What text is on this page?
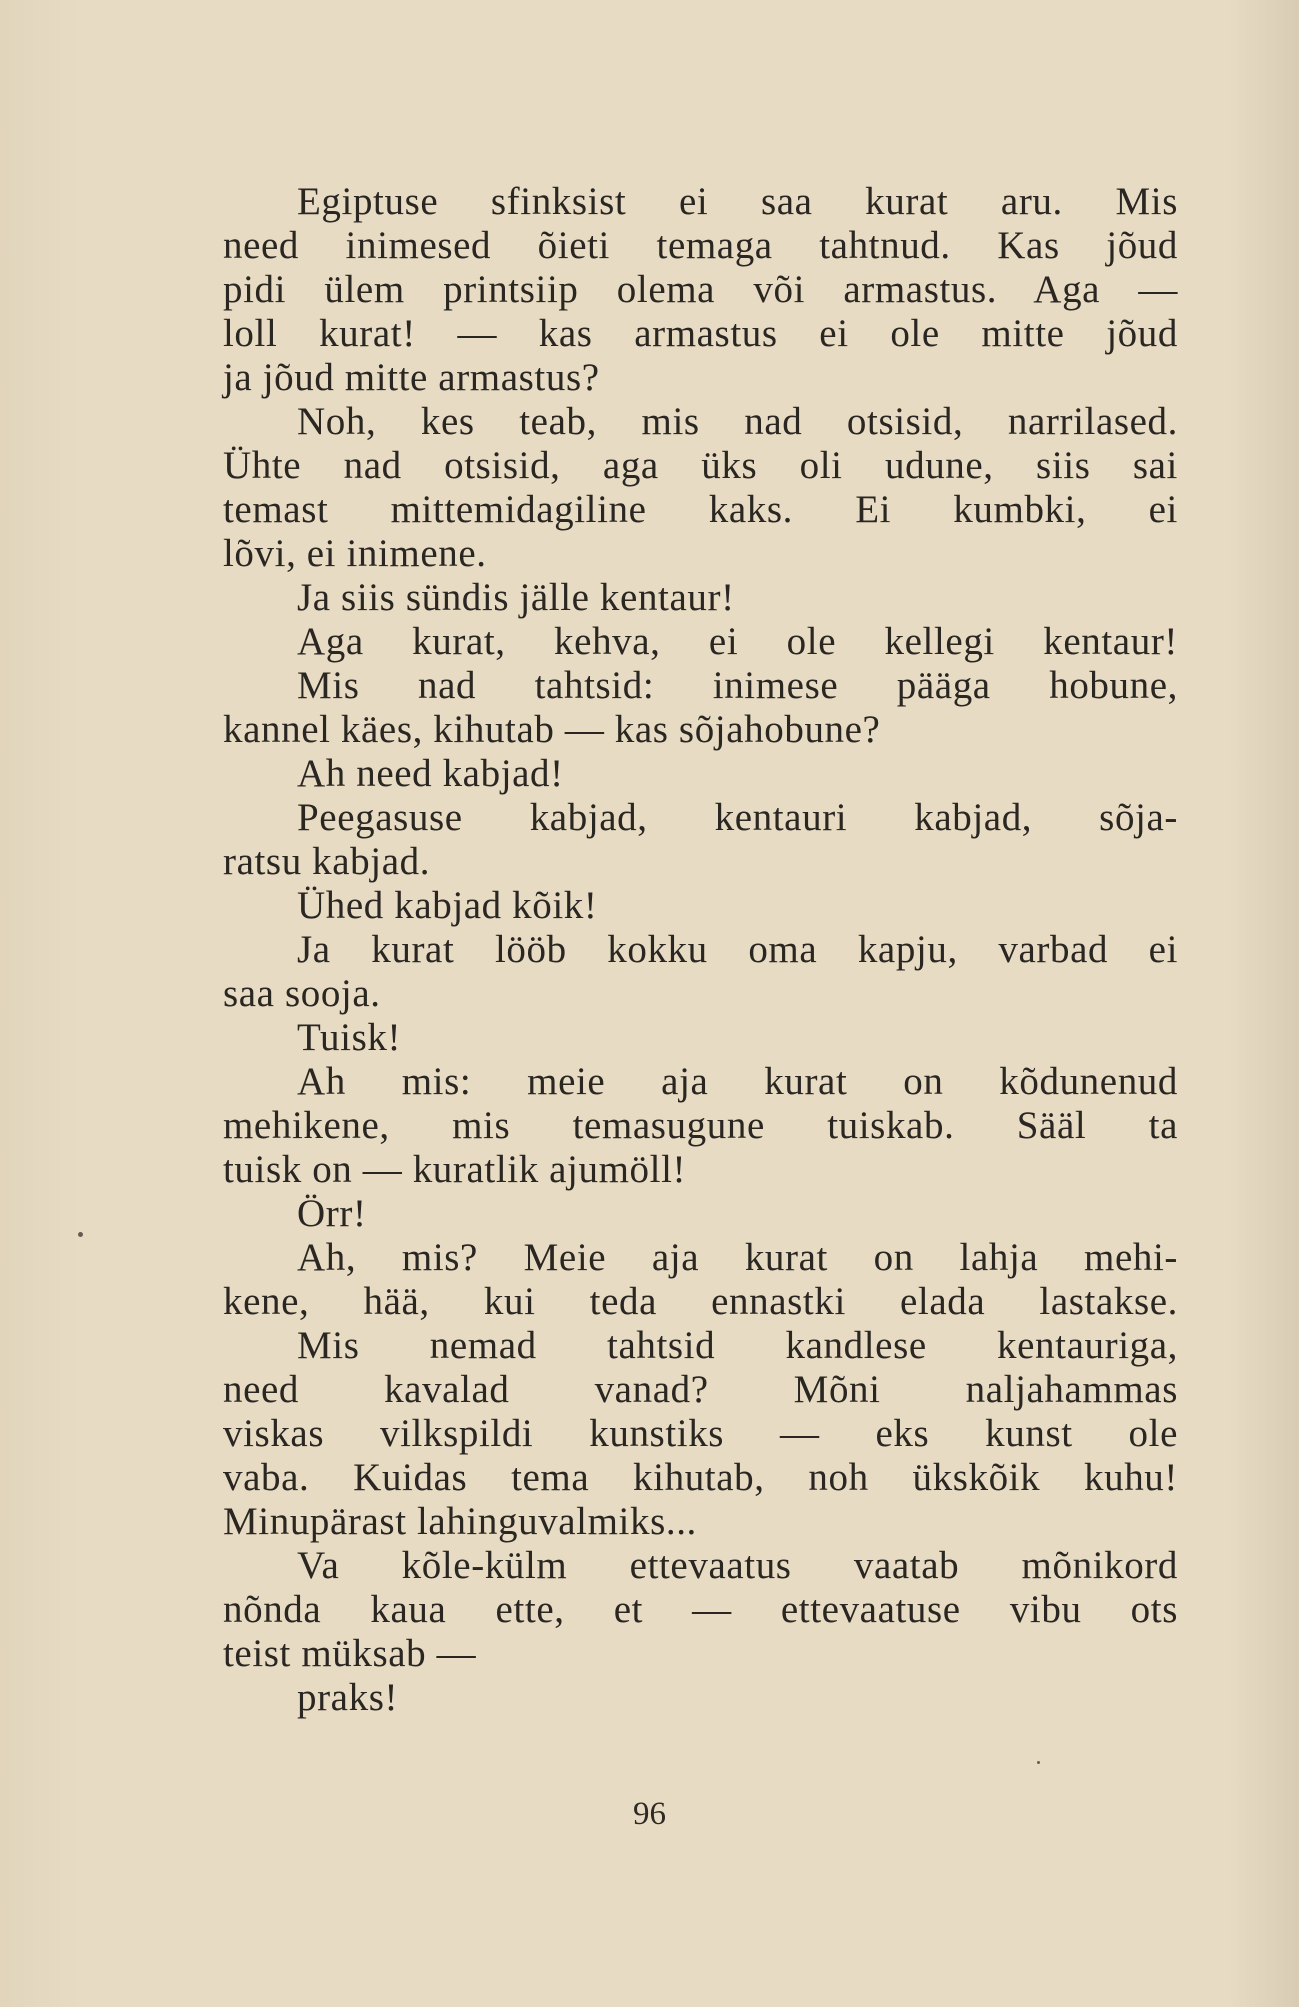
Egiptuse sfinksist ei saa kurat aru. Mis
need inimesed õieti temaga tahtnud. Kas jõud
pidi ülem printsiip olema või armastus. Aga —
loll kurat! — kas armastus ei ole mitte jõud
ja jõud mitte armastus?
Noh, kes teab, mis nad otsisid, narrilased.
Ühte nad otsisid, aga üks oli udune, siis sai
temast mittemidagiline kaks. Ei kumbki, ei
lõvi, ei inimene.
Ja siis sündis jälle kentaur!
Aga kurat, kehva, ei ole kellegi kentaur!
Mis nad tahtsid: inimese pääga hobune,
kannel käes, kihutab — kas sõjahobune?
Ah need kabjad!
Peegasuse kabjad, kentauri kabjad, sõja-
ratsu kabjad.
Ühed kabjad kõik!
Ja kurat lööb kokku oma kapju, varbad ei
saa sooja.
Tuisk!
Ah mis: meie aja kurat on kõdunenud
mehikene, mis temasugune tuiskab. Sääl ta
tuisk on — kuratlik ajumöll!
Örr!
Ah, mis? Meie aja kurat on lahja mehi-
kene, hää, kui teda ennastki elada lastakse.
Mis nemad tahtsid kandlese kentauriga,
need kavalad vanad? Mõni naljahammas
viskas vilkspildi kunstiks — eks kunst ole
vaba. Kuidas tema kihutab, noh ükskõik kuhu!
Minupärast lahinguvalmiks...
Va kõle-külm ettevaatus vaatab mõnikord
nõnda kaua ette, et — ettevaatuse vibu ots
teist müksab —
praks!
96
